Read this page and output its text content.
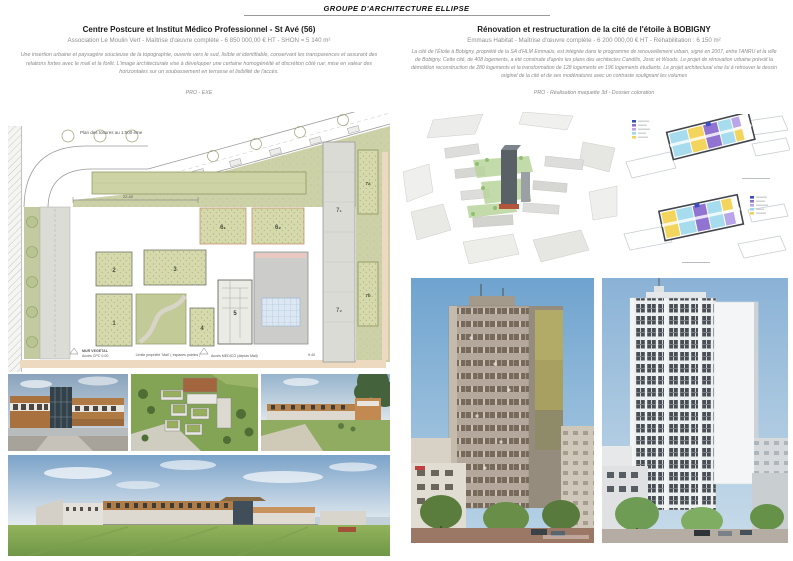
GROUPE D'ARCHITECTURE ELLIPSE
Centre Postcure et Institut Médico Professionnel - St Avé (56)
Association Le Moulin Vert - Maîtrise d'œuvre complète - 6 850 000,00 € HT - SHON = 5 140 m²
Une insertion urbaine et paysagère soucieuse de la topographie, ouverte vers le sud, lisible et identifiable, conservant les transparences et assurant des relations fortes avec le mail et la forêt. L'image architecturale vise à développer une certaine homogénéité et discrétion côté rue; mise en valeur des horizontales sur un soubassement en terrasse et lisibilité de l'accès.
PRO - EXE
Rénovation et restructuration de la cité de l'étoile à BOBIGNY
Emmaus Habitat - Maîtrise d'œuvre complète - 6 200 000,00 € HT - Réhabilitation : 6 150 m²
La cité de l'Étoile à Bobigny, propriété de la SA d'HLM Emmaüs, est intégrée dans le programme de renouvellement urbain, signé en 2007, entre l'ANRU et la ville de Bobigny. Cette cité, de 408 logements, a été construite d'après les plans des architectes Candilis, Josic et Woods. Le projet de rénovation urbaine prévoit la démolition reconstruction de 280 logements et la transformation de 128 logements en 196 logements étudiants. Le projet architectural vise lui à retrouver le dessin originel de la cité et de ses modénatures avec un contraste soulignant les volumes
PRO - Réalisation maquette 3d - Dossier coloration
Plan des toitures au 1:500 ème
22.40
1
2	3
4
5
6₁	6₂
7₁
7₂
7a
7b
MUR VEGETAL
Accès CPC 0.00	Limite propriété 'Mail' ( espaces publics )	Accès MEDICO (depuis Mail)	9.40
